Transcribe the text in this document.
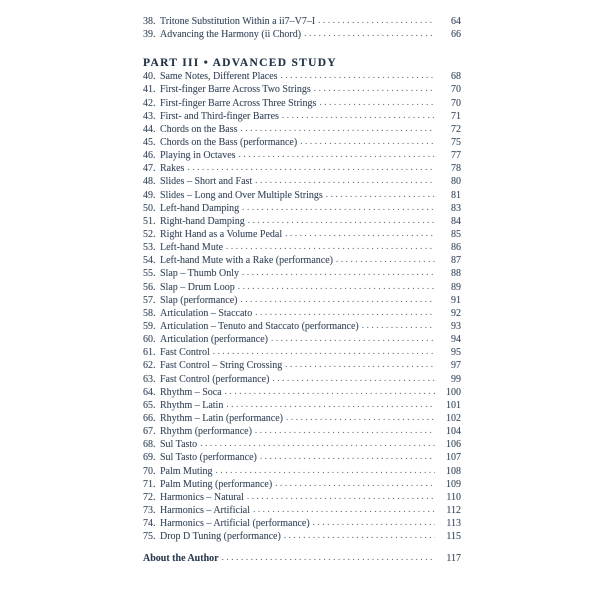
38. Tritone Substitution Within a ii7–V7–I .....	64
39. Advancing the Harmony (ii Chord) .....	66
PART III • ADVANCED STUDY
40. Same Notes, Different Places .....	68
41. First-finger Barre Across Two Strings .....	70
42. First-finger Barre Across Three Strings .....	70
43. First- and Third-finger Barres .....	71
44. Chords on the Bass .....	72
45. Chords on the Bass (performance) .....	75
46. Playing in Octaves .....	77
47. Rakes .....	78
48. Slides – Short and Fast .....	80
49. Slides – Long and Over Multiple Strings .....	81
50. Left-hand Damping .....	83
51. Right-hand Damping .....	84
52. Right Hand as a Volume Pedal .....	85
53. Left-hand Mute .....	86
54. Left-hand Mute with a Rake (performance) .....	87
55. Slap – Thumb Only .....	88
56. Slap – Drum Loop .....	89
57. Slap (performance) .....	91
58. Articulation – Staccato .....	92
59. Articulation – Tenuto and Staccato (performance) .....	93
60. Articulation (performance) .....	94
61. Fast Control .....	95
62. Fast Control – String Crossing .....	97
63. Fast Control (performance) .....	99
64. Rhythm – Soca .....	100
65. Rhythm – Latin .....	101
66. Rhythm – Latin (performance) .....	102
67. Rhythm (performance) .....	104
68. Sul Tasto .....	106
69. Sul Tasto (performance) .....	107
70. Palm Muting .....	108
71. Palm Muting (performance) .....	109
72. Harmonics – Natural .....	110
73. Harmonics – Artificial .....	112
74. Harmonics – Artificial (performance) .....	113
75. Drop D Tuning (performance) .....	115
About the Author .....	117
